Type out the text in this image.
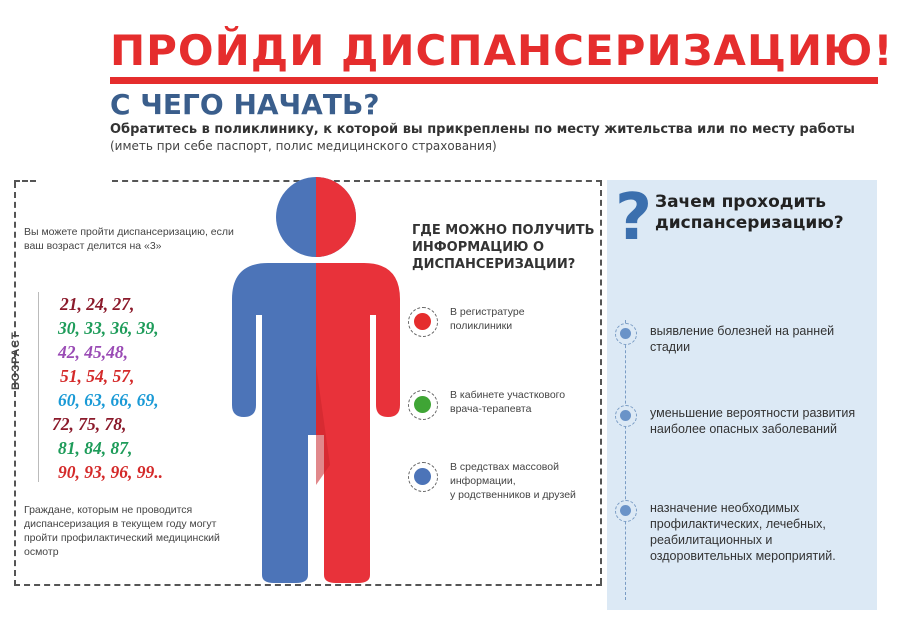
ПРОЙДИ ДИСПАНСЕРИЗАЦИЮ!
С ЧЕГО НАЧАТЬ?
Обратитесь в поликлинику, к которой вы прикреплены по месту жительства или по месту работы
(иметь при себе паспорт, полис медицинского страхования)
Вы можете пройти диспансеризацию, если ваш возраст делится на «3»
ВОЗРАСТ
21, 24, 27,
30, 33, 36, 39,
42, 45,48,
51, 54, 57,
60, 63, 66, 69,
72, 75, 78,
81, 84, 87,
90, 93, 96, 99..
Граждане, которым не проводится диспансеризация в текущем году могут пройти профилактический медицинский осмотр
ГДЕ МОЖНО ПОЛУЧИТЬ ИНФОРМАЦИЮ О ДИСПАНСЕРИЗАЦИИ?
В регистратуре
поликлиники
В кабинете участкового
врача-терапевта
В средствах массовой
информации,
у родственников и друзей
? Зачем проходить диспансеризацию?
выявление болезней на ранней стадии
уменьшение вероятности развития наиболее опасных заболеваний
назначение необходимых профилактических, лечебных, реабилитационных и оздоровительных мероприятий.
